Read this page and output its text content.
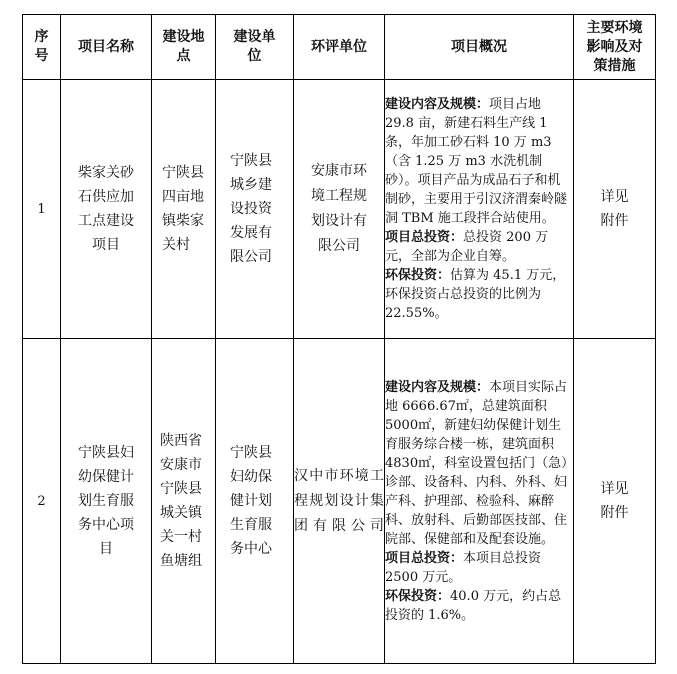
序号	项目名称	建设地点	建设单位	环评单位	项目概况	主要环境影响及对策措施
1	柴家关砂石供应加工点建设项目	宁陕县四亩地镇柴家关村	宁陕县城乡建设投资发展有限公司	安康市环境工程规划设计有限公司	建设内容及规模：项目占地 29.8 亩，新建石料生产线 1 条，年加工砂石料 10 万 m3（含 1.25 万 m3 水洗机制砂）。项目产品为成品石子和机制砂，主要用于引汉济渭秦岭隧洞 TBM 施工段拌合站使用。
项目总投资：总投资 200 万元，全部为企业自筹。
环保投资：估算为 45.1 万元，环保投资占总投资的比例为 22.55%。	详见附件
2	宁陕县妇幼保健计划生育服务中心项目	陕西省安康市宁陕县城关镇关一村鱼塘组	宁陕县妇幼保健计划生育服务中心	汉中市环境工程规划设计集团有限公司	建设内容及规模：本项目实际占地 6666.67㎡，总建筑面积 5000㎡，新建妇幼保健计划生育服务综合楼一栋，建筑面积 4830㎡，科室设置包括门（急）诊部、设备科、内科、外科、妇产科、护理部、检验科、麻醉科、放射科、后勤部医技部、住院部、保健部和及配套设施。
项目总投资：本项目总投资 2500 万元。
环保投资：40.0 万元，约占总投资的 1.6%。	详见附件
